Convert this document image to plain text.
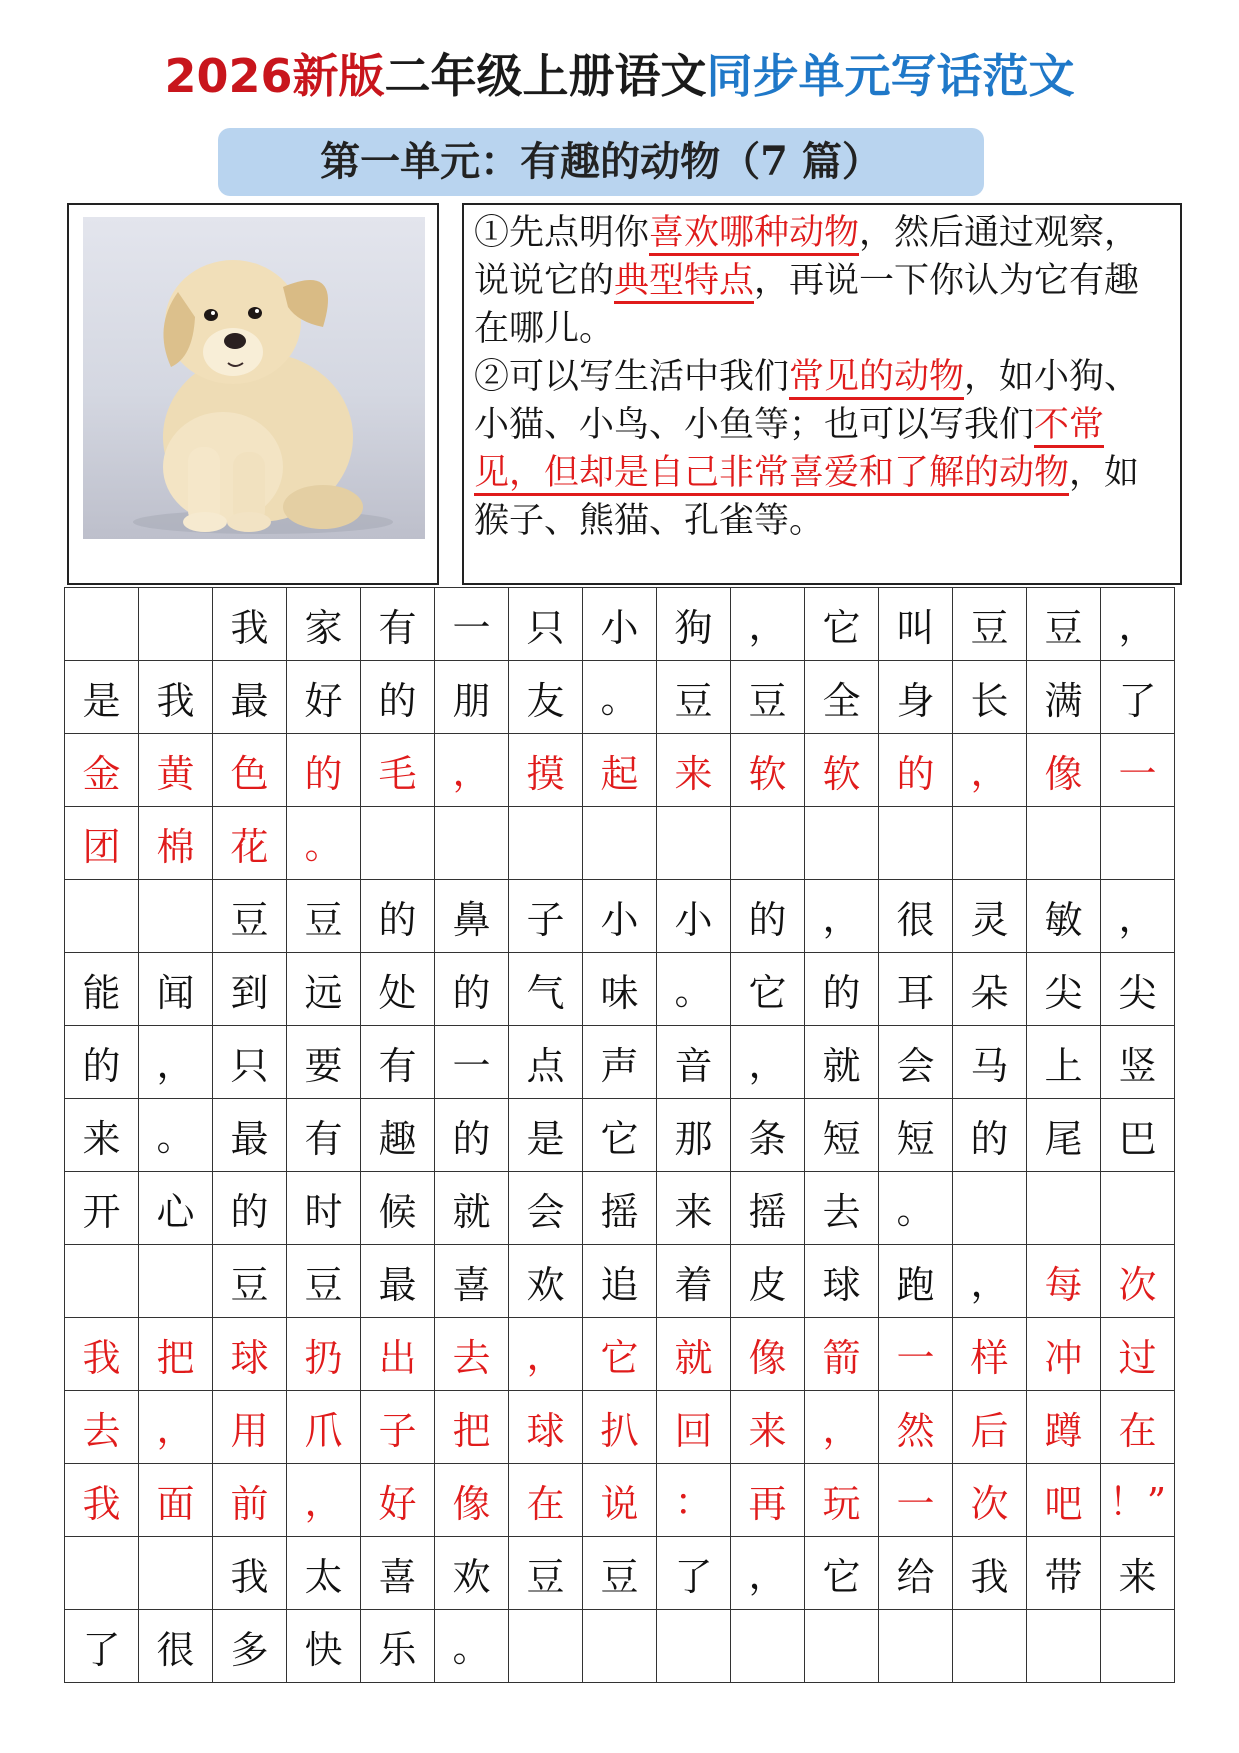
2026新版二年级上册语文同步单元写话范文
第一单元：有趣的动物（7 篇）

①先点明你喜欢哪种动物，然后通过观察，说说它的典型特点，再说一下你认为它有趣在哪儿。

②可以写生活中我们常见的动物，如小狗、小猫、小鸟、小鱼等；也可以写我们不常见，但却是自己非常喜爱和了解的动物，如猴子、熊猫、孔雀等。

		我	家	有	一	只	小	狗	，	它	叫	豆	豆	，
是	我	最	好	的	朋	友	。	豆	豆	全	身	长	满	了
金	黄	色	的	毛	，	摸	起	来	软	软	的	，	像	一
团	棉	花	。											
		豆	豆	的	鼻	子	小	小	的	，	很	灵	敏	，
能	闻	到	远	处	的	气	味	。	它	的	耳	朵	尖	尖
的	，	只	要	有	一	点	声	音	，	就	会	马	上	竖
来	。	最	有	趣	的	是	它	那	条	短	短	的	尾	巴
开	心	的	时	候	就	会	摇	来	摇	去	。			
		豆	豆	最	喜	欢	追	着	皮	球	跑	，	每	次
我	把	球	扔	出	去	，	它	就	像	箭	一	样	冲	过
去	，	用	爪	子	把	球	扒	回	来	，	然	后	蹲	在
我	面	前	，	好	像	在	说	：	再	玩	一	次	吧	！”
		我	太	喜	欢	豆	豆	了	，	它	给	我	带	来
了	很	多	快	乐	。									
